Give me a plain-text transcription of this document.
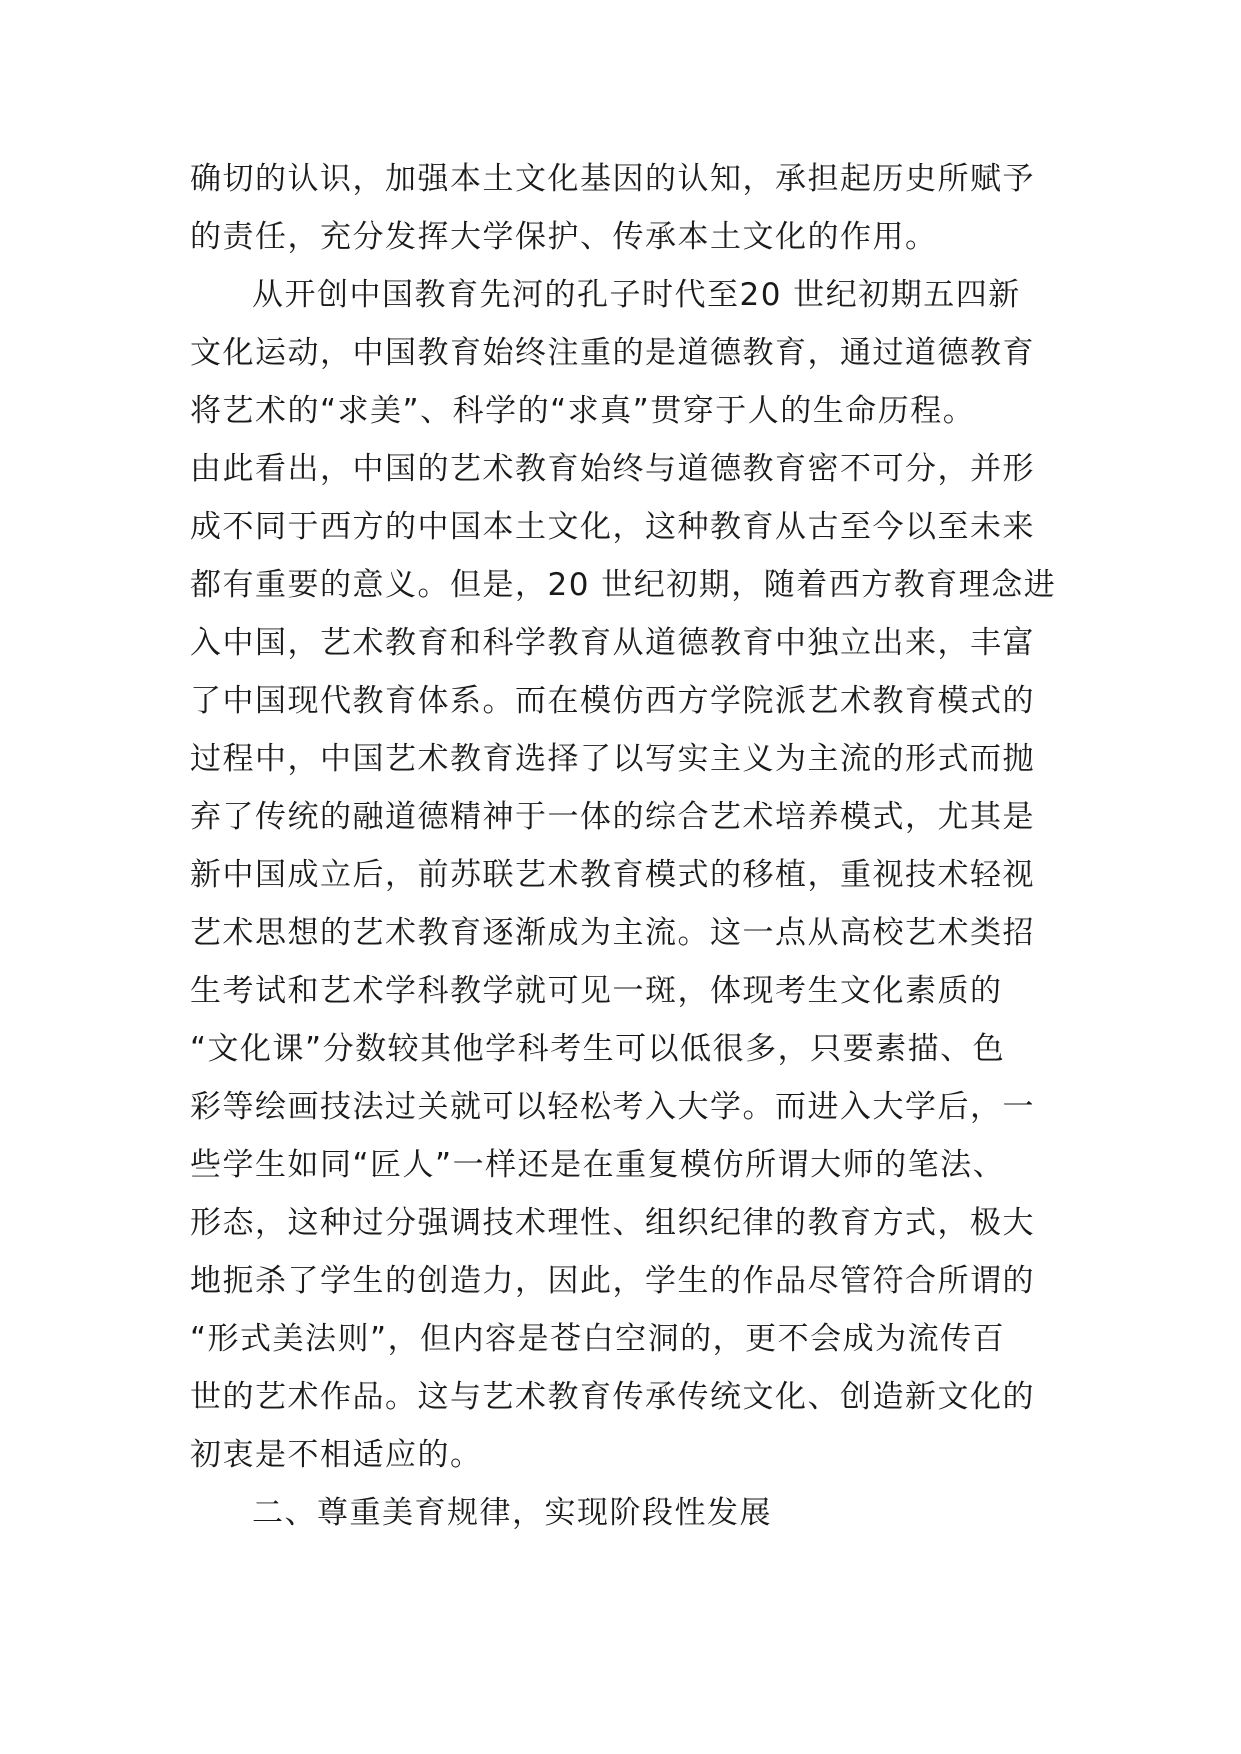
确切的认识，加强本土文化基因的认知，承担起历史所赋予
的责任，充分发挥大学保护、传承本土文化的作用。
从开创中国教育先河的孔子时代至20 世纪初期五四新
文化运动，中国教育始终注重的是道德教育，通过道德教育
将艺术的“求美”、科学的“求真”贯穿于人的生命历程。
由此看出，中国的艺术教育始终与道德教育密不可分，并形
成不同于西方的中国本土文化，这种教育从古至今以至未来
都有重要的意义。但是，20 世纪初期，随着西方教育理念进
入中国，艺术教育和科学教育从道德教育中独立出来，丰富
了中国现代教育体系。而在模仿西方学院派艺术教育模式的
过程中，中国艺术教育选择了以写实主义为主流的形式而抛
弃了传统的融道德精神于一体的综合艺术培养模式，尤其是
新中国成立后，前苏联艺术教育模式的移植，重视技术轻视
艺术思想的艺术教育逐渐成为主流。这一点从高校艺术类招
生考试和艺术学科教学就可见一斑，体现考生文化素质的
“文化课”分数较其他学科考生可以低很多，只要素描、色
彩等绘画技法过关就可以轻松考入大学。而进入大学后，一
些学生如同“匠人”一样还是在重复模仿所谓大师的笔法、
形态，这种过分强调技术理性、组织纪律的教育方式，极大
地扼杀了学生的创造力，因此，学生的作品尽管符合所谓的
“形式美法则”，但内容是苍白空洞的，更不会成为流传百
世的艺术作品。这与艺术教育传承传统文化、创造新文化的
初衷是不相适应的。
二、尊重美育规律，实现阶段性发展
